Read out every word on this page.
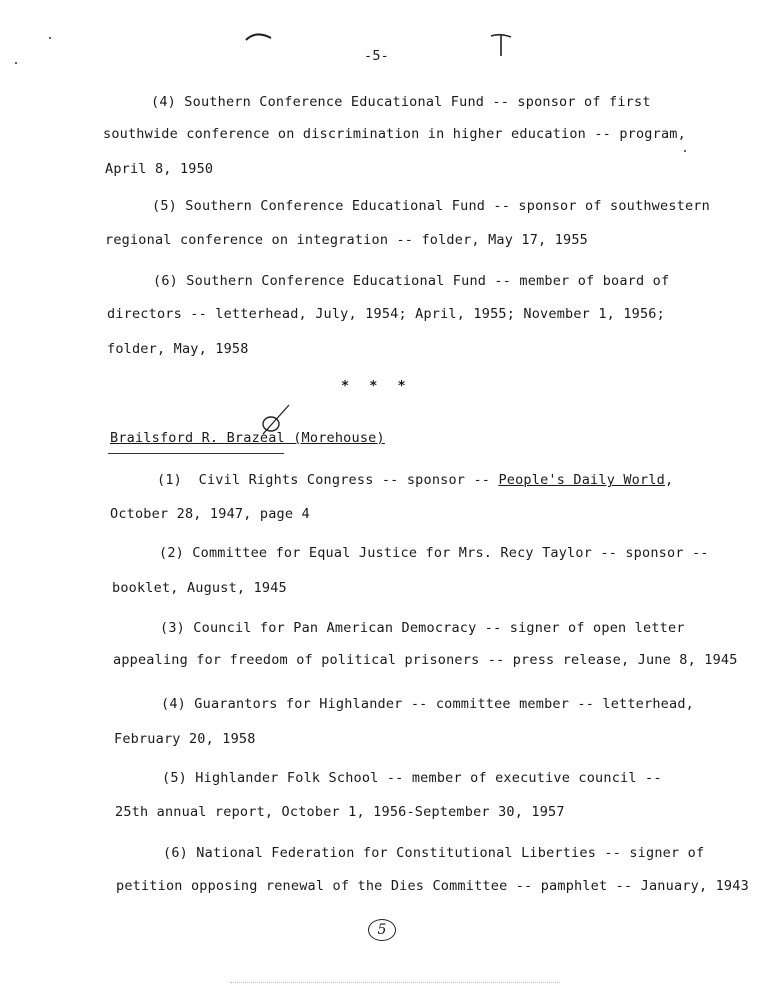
-5-
(4) Southern Conference Educational Fund -- sponsor of first
southwide conference on discrimination in higher education -- program,
April 8, 1950
(5) Southern Conference Educational Fund -- sponsor of southwestern
regional conference on integration -- folder, May 17, 1955
(6) Southern Conference Educational Fund -- member of board of
directors -- letterhead, July, 1954; April, 1955; November 1, 1956;
folder, May, 1958
* * *
Brailsford R. Brazeal (Morehouse)
(1)  Civil Rights Congress -- sponsor -- People's Daily World,
October 28, 1947, page 4
(2) Committee for Equal Justice for Mrs. Recy Taylor -- sponsor --
booklet, August, 1945
(3) Council for Pan American Democracy -- signer of open letter
appealing for freedom of political prisoners -- press release, June 8, 1945
(4) Guarantors for Highlander -- committee member -- letterhead,
February 20, 1958
(5) Highlander Folk School -- member of executive council --
25th annual report, October 1, 1956-September 30, 1957
(6) National Federation for Constitutional Liberties -- signer of
petition opposing renewal of the Dies Committee -- pamphlet -- January, 1943
5
